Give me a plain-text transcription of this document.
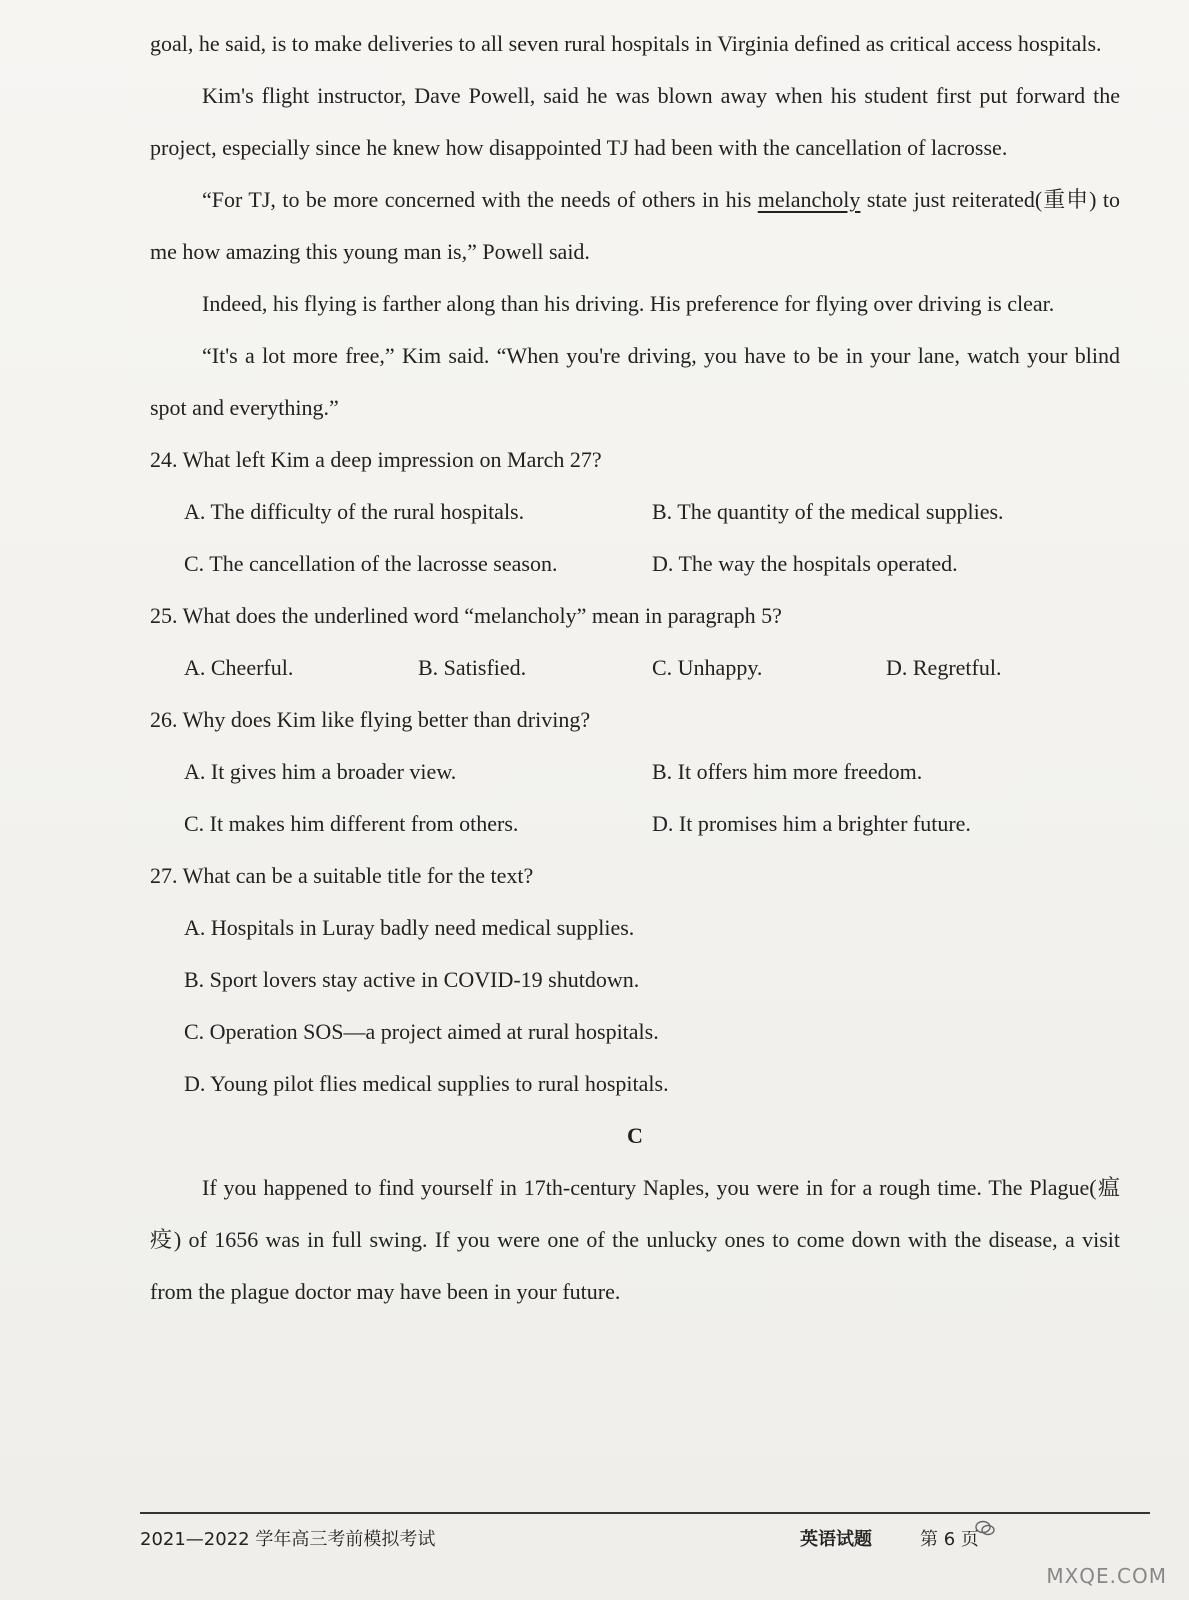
goal, he said, is to make deliveries to all seven rural hospitals in Virginia defined as critical access hospitals.

Kim's flight instructor, Dave Powell, said he was blown away when his student first put forward the project, especially since he knew how disappointed TJ had been with the cancellation of lacrosse.

“For TJ, to be more concerned with the needs of others in his melancholy state just reiterated(重申) to me how amazing this young man is,” Powell said.

Indeed, his flying is farther along than his driving. His preference for flying over driving is clear.

“It's a lot more free,” Kim said. “When you're driving, you have to be in your lane, watch your blind spot and everything.”

24. What left Kim a deep impression on March 27?

A. The difficulty of the rural hospitals.	B. The quantity of the medical supplies.
C. The cancellation of the lacrosse season.	D. The way the hospitals operated.

25. What does the underlined word “melancholy” mean in paragraph 5?

A. Cheerful.	B. Satisfied.	C. Unhappy.	D. Regretful.

26. Why does Kim like flying better than driving?

A. It gives him a broader view.	B. It offers him more freedom.
C. It makes him different from others.	D. It promises him a brighter future.

27. What can be a suitable title for the text?

A. Hospitals in Luray badly need medical supplies.
B. Sport lovers stay active in COVID-19 shutdown.
C. Operation SOS—a project aimed at rural hospitals.
D. Young pilot flies medical supplies to rural hospitals.

C

If you happened to find yourself in 17th-century Naples, you were in for a rough time. The Plague(瘟疫) of 1656 was in full swing. If you were one of the unlucky ones to come down with the disease, a visit from the plague doctor may have been in your future.

2021—2022 学年高三考前模拟考试	英语试题	第 6 页
MXQE.COM
